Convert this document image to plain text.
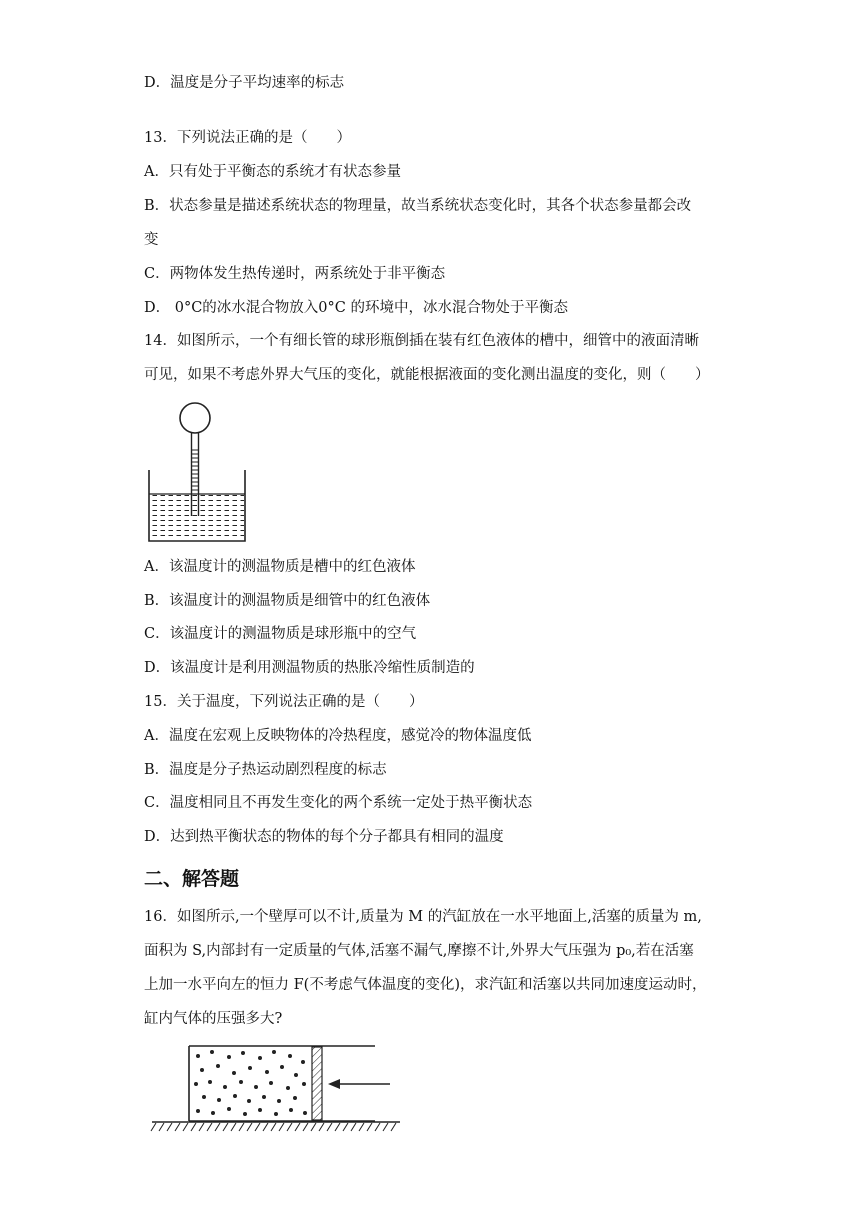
D．温度是分子平均速率的标志
13．下列说法正确的是（　　）
A．只有处于平衡态的系统才有状态参量
B．状态参量是描述系统状态的物理量，故当系统状态变化时，其各个状态参量都会改
变
C．两物体发生热传递时，两系统处于非平衡态
D． 0°C的冰水混合物放入0°C 的环境中，冰水混合物处于平衡态
14．如图所示，一个有细长管的球形瓶倒插在装有红色液体的槽中，细管中的液面清晰
可见，如果不考虑外界大气压的变化，就能根据液面的变化测出温度的变化，则（　　）
A．该温度计的测温物质是槽中的红色液体
B．该温度计的测温物质是细管中的红色液体
C．该温度计的测温物质是球形瓶中的空气
D．该温度计是利用测温物质的热胀冷缩性质制造的
15．关于温度，下列说法正确的是（　　）
A．温度在宏观上反映物体的冷热程度，感觉冷的物体温度低
B．温度是分子热运动剧烈程度的标志
C．温度相同且不再发生变化的两个系统一定处于热平衡状态
D．达到热平衡状态的物体的每个分子都具有相同的温度
二、解答题
16．如图所示,一个壁厚可以不计,质量为 M 的汽缸放在一水平地面上,活塞的质量为 m,
面积为 S,内部封有一定质量的气体,活塞不漏气,摩擦不计,外界大气压强为 p₀,若在活塞
上加一水平向左的恒力 F(不考虑气体温度的变化)，求汽缸和活塞以共同加速度运动时，
缸内气体的压强多大?
